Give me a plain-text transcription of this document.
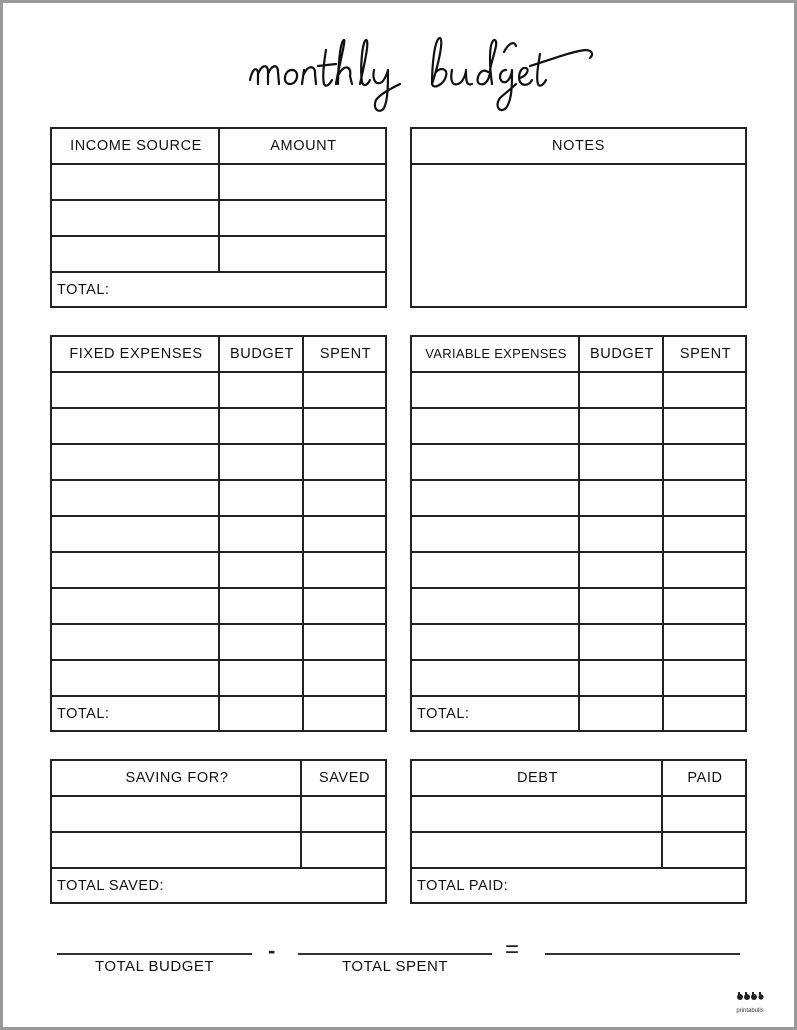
INCOME SOURCE	AMOUNT
TOTAL:
NOTES
FIXED EXPENSES	BUDGET	SPENT
TOTAL:
VARIABLE EXPENSES	BUDGET	SPENT
TOTAL:
SAVING FOR?	SAVED
TOTAL SAVED:
DEBT	PAID
TOTAL PAID:
TOTAL BUDGET
-
TOTAL SPENT
=
printabulls
